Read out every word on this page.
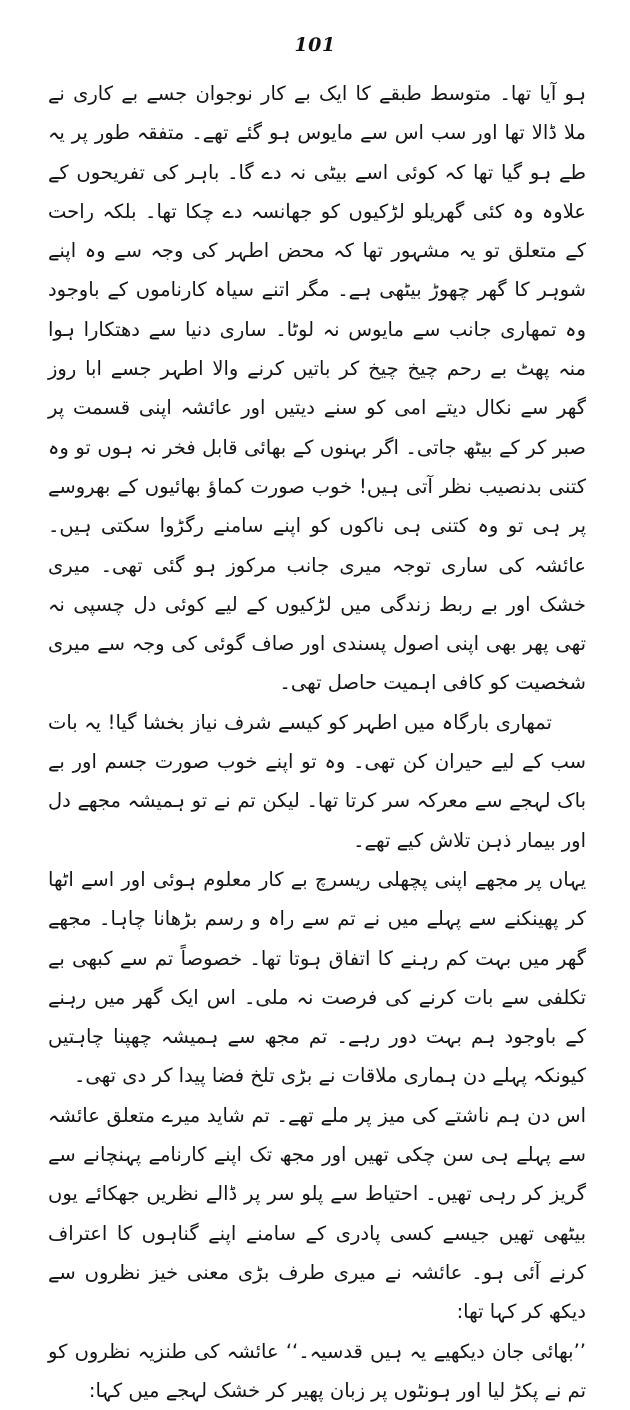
101

ہو آیا تھا۔ متوسط طبقے کا ایک بے کار نوجوان جسے بے کاری نے ملا ڈالا تھا اور سب اس سے مایوس ہو گئے تھے۔ متفقہ طور پر یہ طے ہو گیا تھا کہ کوئی اسے بیٹی نہ دے گا۔ باہر کی تفریحوں کے علاوہ وہ کئی گھریلو لڑکیوں کو جھانسہ دے چکا تھا۔ بلکہ راحت کے متعلق تو یہ مشہور تھا کہ محض اطہر کی وجہ سے وہ اپنے شوہر کا گھر چھوڑ بیٹھی ہے۔ مگر اتنے سیاہ کارناموں کے باوجود وہ تمھاری جانب سے مایوس نہ لوٹا۔ ساری دنیا سے دھتکارا ہوا منہ پھٹ بے رحم چیخ چیخ کر باتیں کرنے والا اطہر جسے ابا روز گھر سے نکال دیتے امی کو سنے دیتیں اور عائشہ اپنی قسمت پر صبر کر کے بیٹھ جاتی۔ اگر بہنوں کے بھائی قابل فخر نہ ہوں تو وہ کتنی بدنصیب نظر آتی ہیں! خوب صورت کماؤ بھائیوں کے بھروسے پر ہی تو وہ کتنی ہی ناکوں کو اپنے سامنے رگڑوا سکتی ہیں۔ عائشہ کی ساری توجہ میری جانب مرکوز ہو گئی تھی۔ میری خشک اور بے ربط زندگی میں لڑکیوں کے لیے کوئی دل چسپی نہ تھی پھر بھی اپنی اصول پسندی اور صاف گوئی کی وجہ سے میری شخصیت کو کافی اہمیت حاصل تھی۔

تمھاری بارگاہ میں اطہر کو کیسے شرف نیاز بخشا گیا! یہ بات سب کے لیے حیران کن تھی۔ وہ تو اپنے خوب صورت جسم اور بے باک لہجے سے معرکہ سر کرتا تھا۔ لیکن تم نے تو ہمیشہ مجھے دل اور بیمار ذہن تلاش کیے تھے۔

یہاں پر مجھے اپنی پچھلی ریسرچ بے کار معلوم ہوئی اور اسے اٹھا کر پھینکنے سے پہلے میں نے تم سے راہ و رسم بڑھانا چاہا۔ مجھے گھر میں بہت کم رہنے کا اتفاق ہوتا تھا۔ خصوصاً تم سے کبھی بے تکلفی سے بات کرنے کی فرصت نہ ملی۔ اس ایک گھر میں رہنے کے باوجود ہم بہت دور رہے۔ تم مجھ سے ہمیشہ چھپنا چاہتیں کیونکہ پہلے دن ہماری ملاقات نے بڑی تلخ فضا پیدا کر دی تھی۔

اس دن ہم ناشتے کی میز پر ملے تھے۔ تم شاید میرے متعلق عائشہ سے پہلے ہی سن چکی تھیں اور مجھ تک اپنے کارنامے پہنچانے سے گریز کر رہی تھیں۔ احتیاط سے پلو سر پر ڈالے نظریں جھکائے یوں بیٹھی تھیں جیسے کسی پادری کے سامنے اپنے گناہوں کا اعتراف کرنے آئی ہو۔ عائشہ نے میری طرف بڑی معنی خیز نظروں سے دیکھ کر کہا تھا:

’’بھائی جان دیکھیے یہ ہیں قدسیہ۔‘‘ عائشہ کی طنزیہ نظروں کو تم نے پکڑ لیا اور ہونٹوں پر زبان پھیر کر خشک لہجے میں کہا:
